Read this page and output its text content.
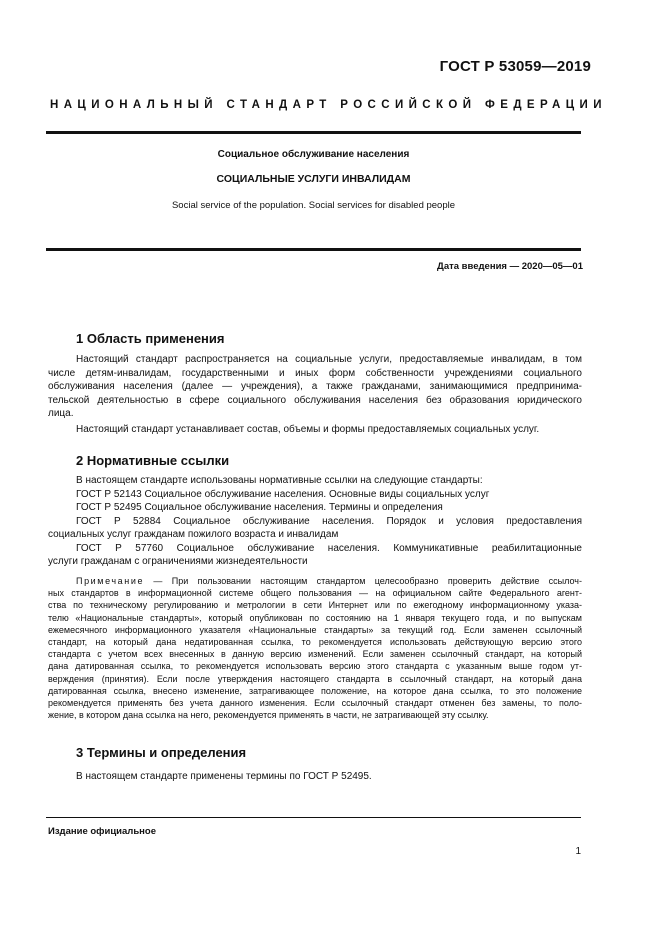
ГОСТ Р 53059—2019
НАЦИОНАЛЬНЫЙ СТАНДАРТ РОССИЙСКОЙ ФЕДЕРАЦИИ
Социальное обслуживание населения
СОЦИАЛЬНЫЕ УСЛУГИ ИНВАЛИДАМ
Social service of the population. Social services for disabled people
Дата введения — 2020—05—01
1 Область применения
Настоящий стандарт распространяется на социальные услуги, предоставляемые инвалидам, в том
числе детям-инвалидам, государственными и иных форм собственности учреждениями социального
обслуживания населения (далее — учреждения), а также гражданами, занимающимися предпринима-
тельской деятельностью в сфере социального обслуживания населения без образования юридического
лица.
Настоящий стандарт устанавливает состав, объемы и формы предоставляемых социальных услуг.
2 Нормативные ссылки
В настоящем стандарте использованы нормативные ссылки на следующие стандарты:
ГОСТ Р 52143 Социальное обслуживание населения. Основные виды социальных услуг
ГОСТ Р 52495 Социальное обслуживание населения. Термины и определения
ГОСТ Р 52884 Социальное обслуживание населения. Порядок и условия предоставления
социальных услуг гражданам пожилого возраста и инвалидам
ГОСТ Р 57760 Социальное обслуживание населения. Коммуникативные реабилитационные
услуги гражданам с ограничениями жизнедеятельности
Примечание — При пользовании настоящим стандартом целесообразно проверить действие ссылоч-
ных стандартов в информационной системе общего пользования — на официальном сайте Федерального агент-
ства по техническому регулированию и метрологии в сети Интернет или по ежегодному информационному указа-
телю «Национальные стандарты», который опубликован по состоянию на 1 января текущего года, и по выпускам
ежемесячного информационного указателя «Национальные стандарты» за текущий год. Если заменен ссылочный
стандарт, на который дана недатированная ссылка, то рекомендуется использовать действующую версию этого
стандарта с учетом всех внесенных в данную версию изменений. Если заменен ссылочный стандарт, на который
дана датированная ссылка, то рекомендуется использовать версию этого стандарта с указанным выше годом ут-
верждения (принятия). Если после утверждения настоящего стандарта в ссылочный стандарт, на который дана
датированная ссылка, внесено изменение, затрагивающее положение, на которое дана ссылка, то это положение
рекомендуется применять без учета данного изменения. Если ссылочный стандарт отменен без замены, то поло-
жение, в котором дана ссылка на него, рекомендуется применять в части, не затрагивающей эту ссылку.
3 Термины и определения
В настоящем стандарте применены термины по ГОСТ Р 52495.
Издание официальное
1
